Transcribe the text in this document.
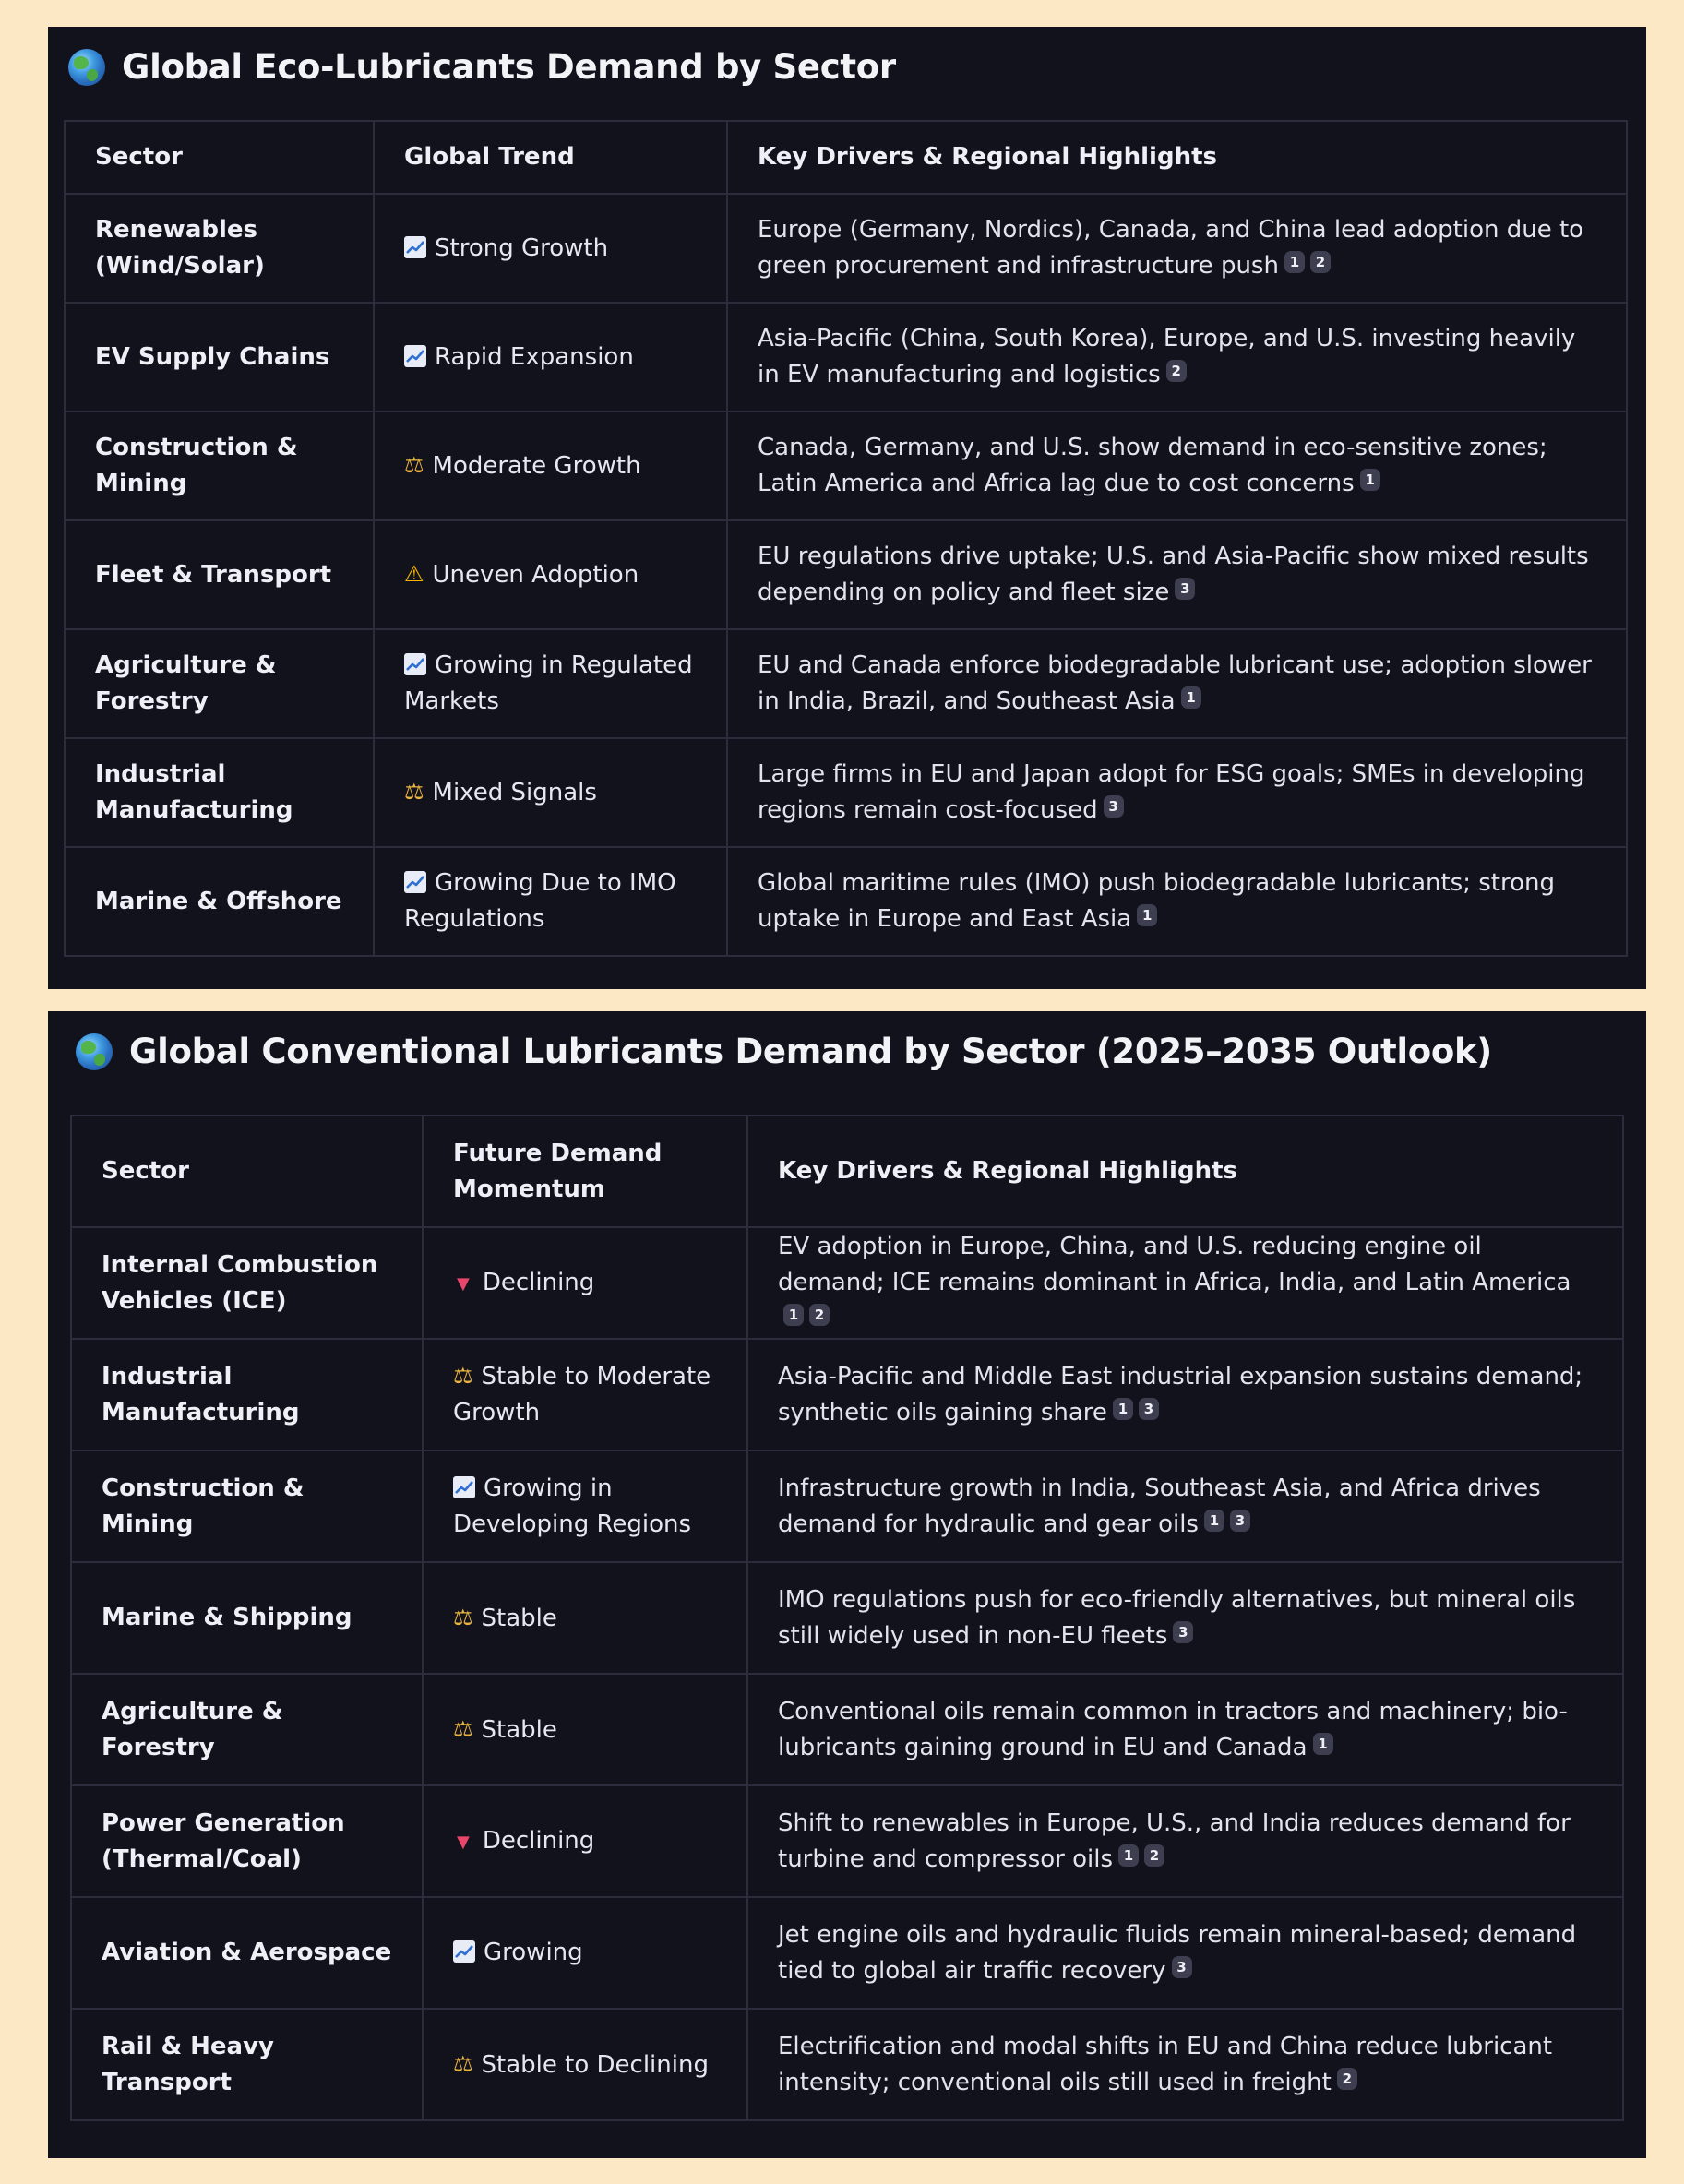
Global Eco-Lubricants Demand by Sector
Sector	Global Trend	Key Drivers & Regional Highlights
Renewables (Wind/Solar)	Strong Growth	Europe (Germany, Nordics), Canada, and China lead adoption due to green procurement and infrastructure push 1 2
EV Supply Chains	Rapid Expansion	Asia-Pacific (China, South Korea), Europe, and U.S. investing heavily in EV manufacturing and logistics 2
Construction & Mining	⚖ Moderate Growth	Canada, Germany, and U.S. show demand in eco-sensitive zones; Latin America and Africa lag due to cost concerns 1
Fleet & Transport	⚠ Uneven Adoption	EU regulations drive uptake; U.S. and Asia-Pacific show mixed results depending on policy and fleet size 3
Agriculture & Forestry	Growing in Regulated Markets	EU and Canada enforce biodegradable lubricant use; adoption slower in India, Brazil, and Southeast Asia 1
Industrial Manufacturing	⚖ Mixed Signals	Large firms in EU and Japan adopt for ESG goals; SMEs in developing regions remain cost-focused 3
Marine & Offshore	Growing Due to IMO Regulations	Global maritime rules (IMO) push biodegradable lubricants; strong uptake in Europe and East Asia 1
Global Conventional Lubricants Demand by Sector (2025–2035 Outlook)
Sector	Future Demand Momentum	Key Drivers & Regional Highlights
Internal Combustion Vehicles (ICE)	▼ Declining	EV adoption in Europe, China, and U.S. reducing engine oil demand; ICE remains dominant in Africa, India, and Latin America1 2
Industrial Manufacturing	⚖ Stable to Moderate Growth	Asia-Pacific and Middle East industrial expansion sustains demand; synthetic oils gaining share 1 3
Construction & Mining	Growing in Developing Regions	Infrastructure growth in India, Southeast Asia, and Africa drives demand for hydraulic and gear oils 1 3
Marine & Shipping	⚖ Stable	IMO regulations push for eco-friendly alternatives, but mineral oils still widely used in non-EU fleets 3
Agriculture & Forestry	⚖ Stable	Conventional oils remain common in tractors and machinery; bio-lubricants gaining ground in EU and Canada 1
Power Generation (Thermal/Coal)	▼ Declining	Shift to renewables in Europe, U.S., and India reduces demand for turbine and compressor oils 1 2
Aviation & Aerospace	Growing	Jet engine oils and hydraulic fluids remain mineral-based; demand tied to global air traffic recovery 3
Rail & Heavy Transport	⚖ Stable to Declining	Electrification and modal shifts in EU and China reduce lubricant intensity; conventional oils still used in freight 2
